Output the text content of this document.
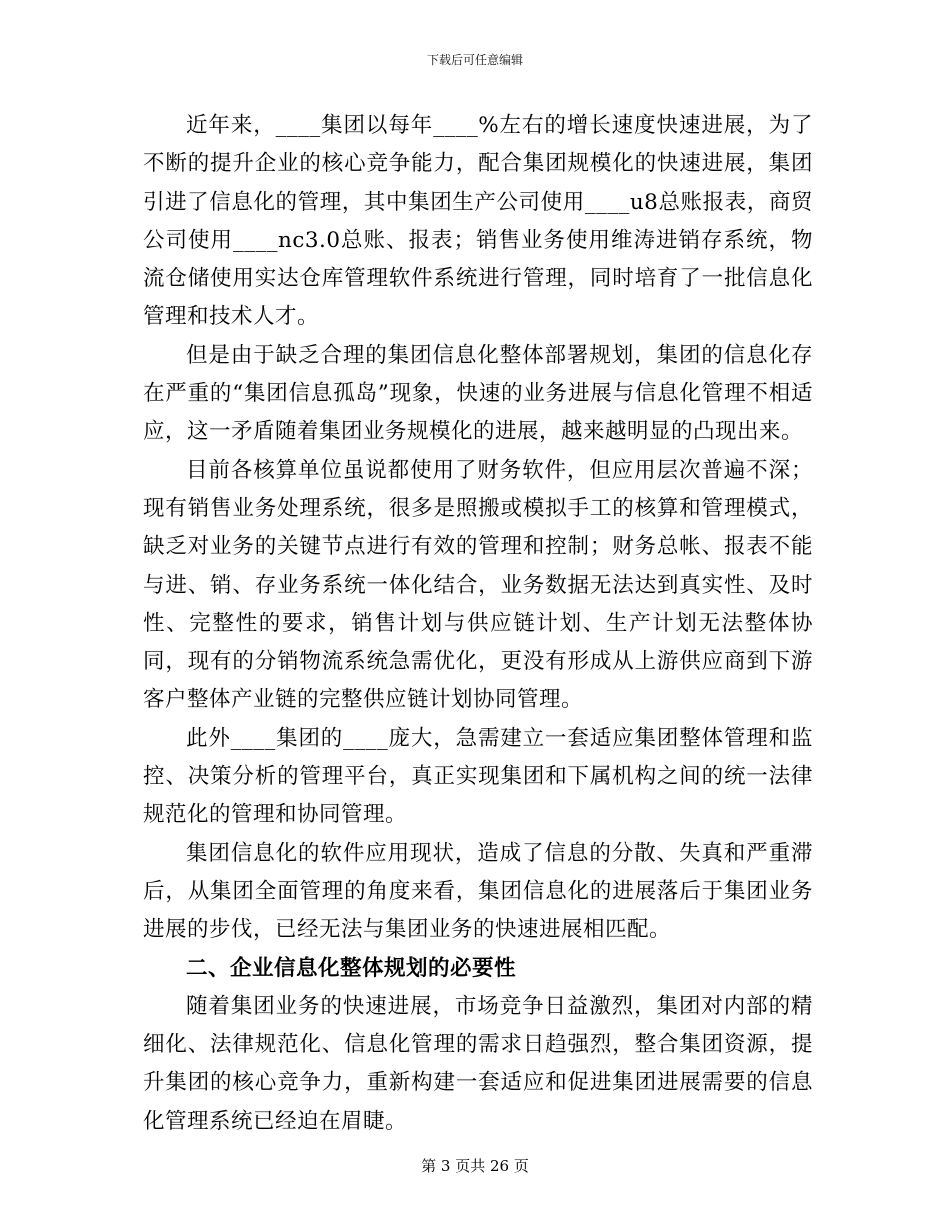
下载后可任意编辑

近年来，____集团以每年____%左右的增长速度快速进展，为了不断的提升企业的核心竞争能力，配合集团规模化的快速进展，集团引进了信息化的管理，其中集团生产公司使用____u8总账报表，商贸公司使用____nc3.0总账、报表；销售业务使用维涛进销存系统，物流仓储使用实达仓库管理软件系统进行管理，同时培育了一批信息化管理和技术人才。

但是由于缺乏合理的集团信息化整体部署规划，集团的信息化存在严重的“集团信息孤岛”现象，快速的业务进展与信息化管理不相适应，这一矛盾随着集团业务规模化的进展，越来越明显的凸现出来。

目前各核算单位虽说都使用了财务软件，但应用层次普遍不深；现有销售业务处理系统，很多是照搬或模拟手工的核算和管理模式，缺乏对业务的关键节点进行有效的管理和控制；财务总帐、报表不能与进、销、存业务系统一体化结合，业务数据无法达到真实性、及时性、完整性的要求，销售计划与供应链计划、生产计划无法整体协同，现有的分销物流系统急需优化，更没有形成从上游供应商到下游客户整体产业链的完整供应链计划协同管理。

此外____集团的____庞大，急需建立一套适应集团整体管理和监控、决策分析的管理平台，真正实现集团和下属机构之间的统一法律规范化的管理和协同管理。

集团信息化的软件应用现状，造成了信息的分散、失真和严重滞后，从集团全面管理的角度来看，集团信息化的进展落后于集团业务进展的步伐，已经无法与集团业务的快速进展相匹配。

二、企业信息化整体规划的必要性

随着集团业务的快速进展，市场竞争日益激烈，集团对内部的精细化、法律规范化、信息化管理的需求日趋强烈，整合集团资源，提升集团的核心竞争力，重新构建一套适应和促进集团进展需要的信息化管理系统已经迫在眉睫。

第 3 页共 26 页
